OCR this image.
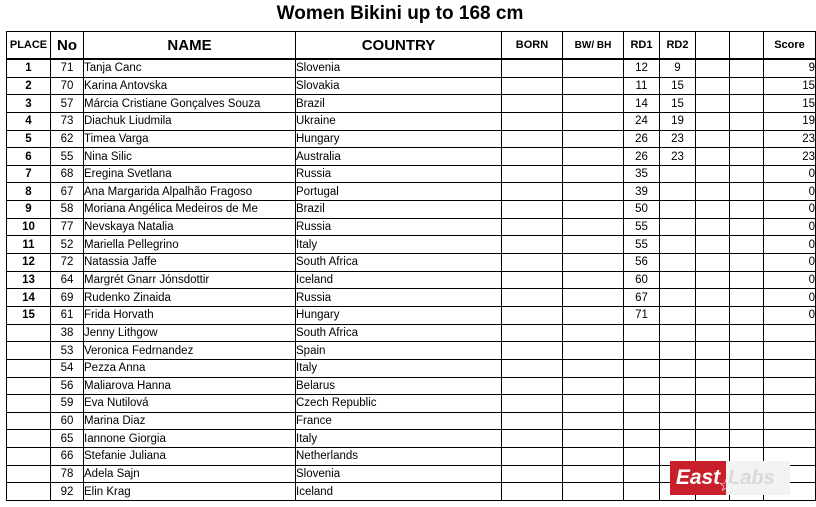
Women Bikini up to 168 cm
PLACE	No	NAME	COUNTRY	BORN	BW/ BH	RD1	RD2			Score
1	71	Tanja Canc	Slovenia			12	9			9
2	70	Karina Antovska	Slovakia			11	15			15
3	57	Márcia Cristiane Gonçalves Souza	Brazil			14	15			15
4	73	Diachuk Liudmila	Ukraine			24	19			19
5	62	Timea Varga	Hungary			26	23			23
6	55	Nina Silic	Australia			26	23			23
7	68	Eregina Svetlana	Russia			35				0
8	67	Ana Margarida Alpalhão Fragoso	Portugal			39				0
9	58	Moriana Angélica Medeiros de Me	Brazil			50				0
10	77	Nevskaya Natalia	Russia			55				0
11	52	Mariella Pellegrino	Italy			55				0
12	72	Natassia Jaffe	South Africa			56				0
13	64	Margrét Gnarr Jónsdottir	Iceland			60				0
14	69	Rudenko Zinaida	Russia			67				0
15	61	Frida Horvath	Hungary			71				0
	38	Jenny Lithgow	South Africa							
	53	Veronica Fedrnandez	Spain							
	54	Pezza Anna	Italy							
	56	Maliarova Hanna	Belarus							
	59	Eva Nutilová	Czech Republic							
	60	Marina Diaz	France							
	65	Iannone Giorgia	Italy							
	66	Stefanie Juliana	Netherlands							
	78	Adela Sajn	Slovenia							
	92	Elin Krag	Iceland							
East Labs
☆
